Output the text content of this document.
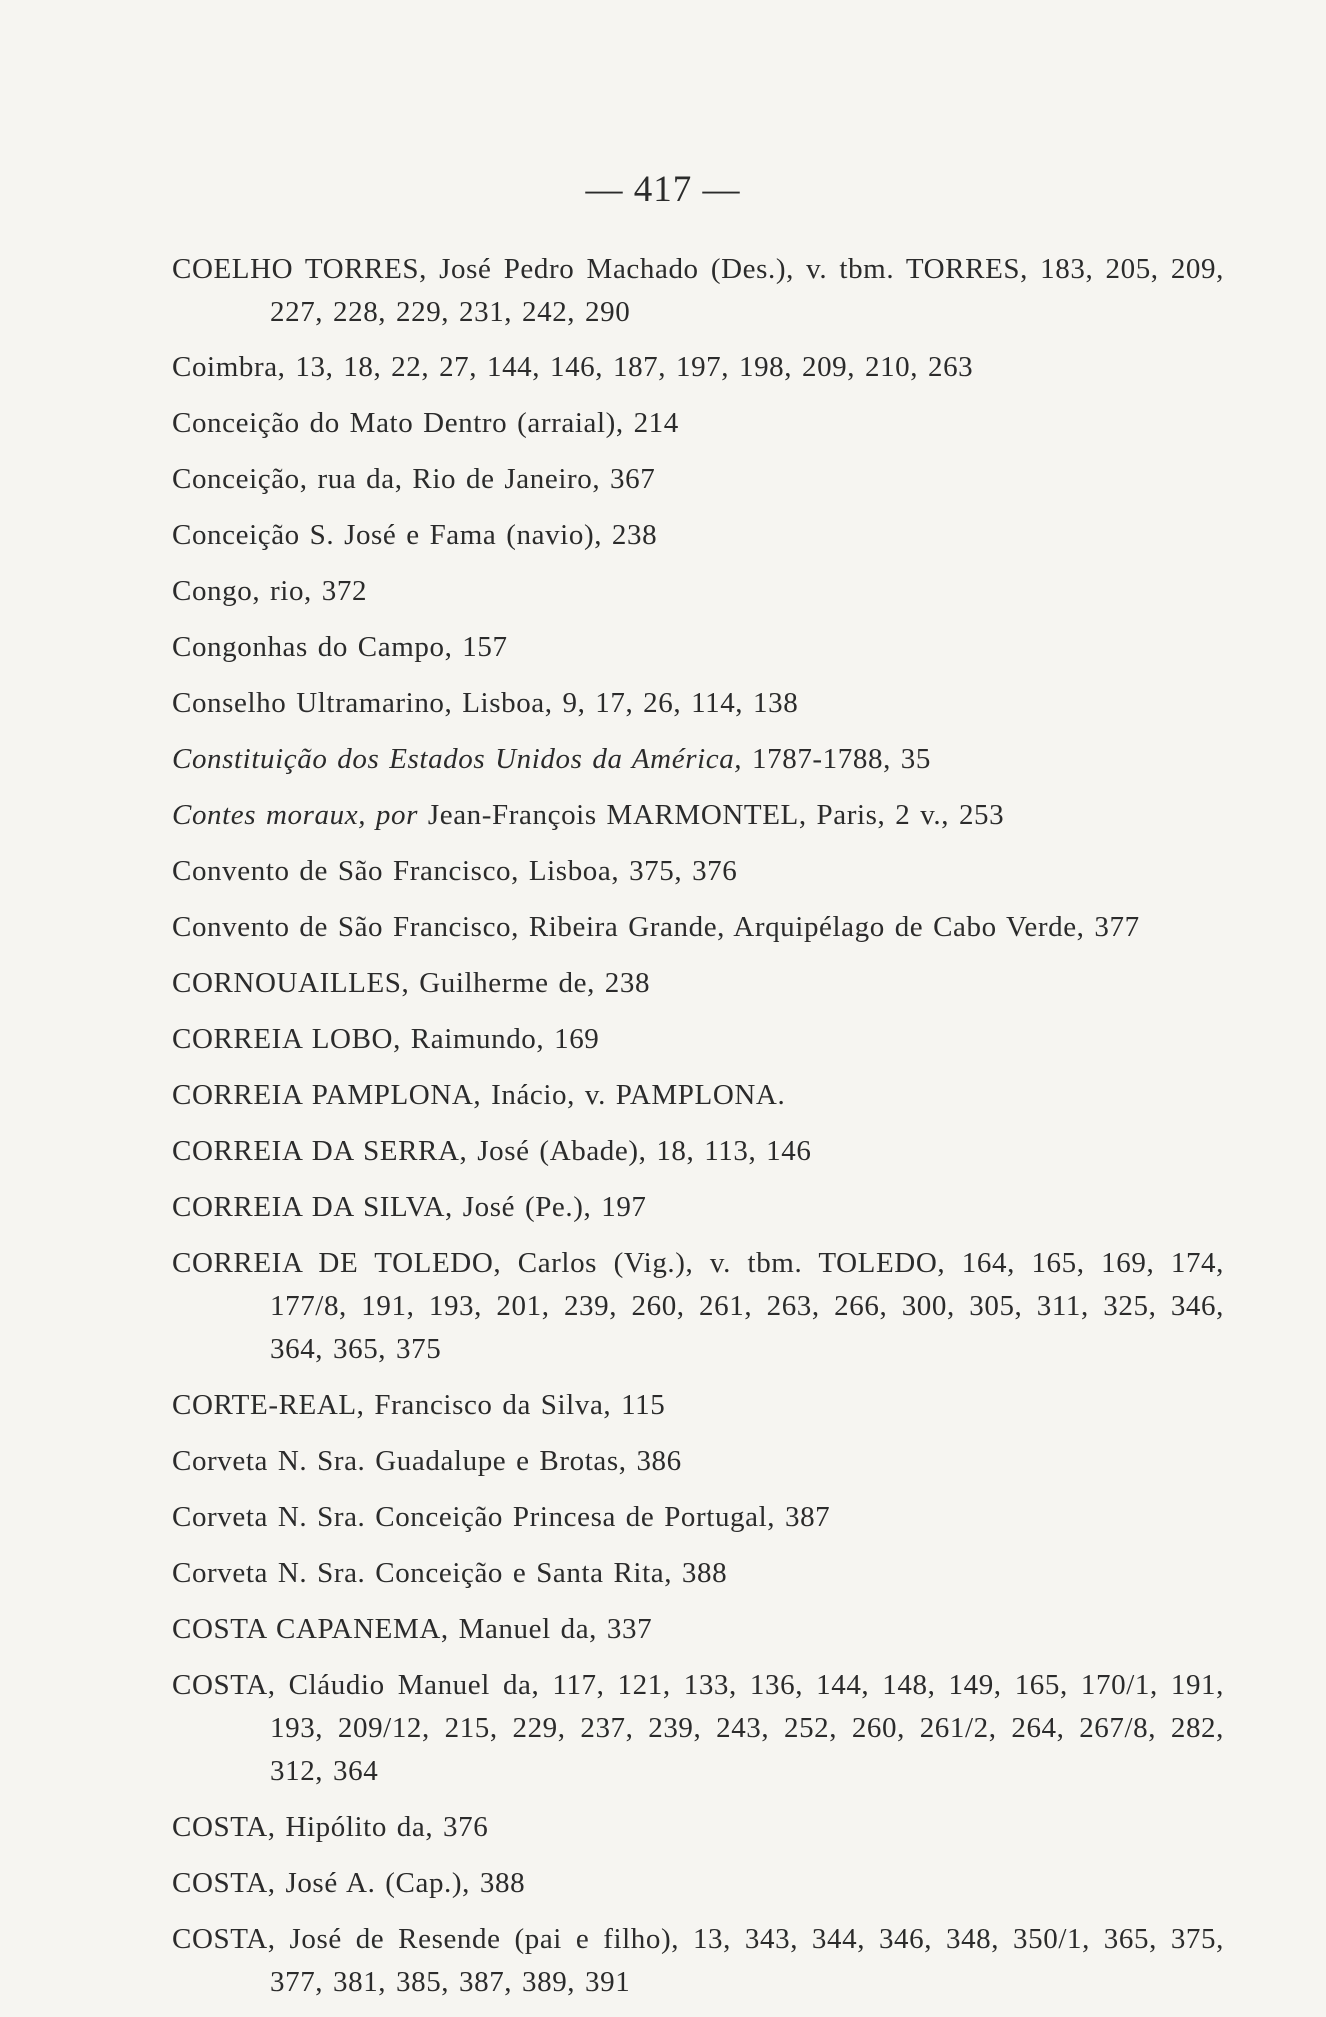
— 417 —
COELHO TORRES, José Pedro Machado (Des.), v. tbm. TORRES, 183, 205, 209, 227, 228, 229, 231, 242, 290
Coimbra, 13, 18, 22, 27, 144, 146, 187, 197, 198, 209, 210, 263
Conceição do Mato Dentro (arraial), 214
Conceição, rua da, Rio de Janeiro, 367
Conceição S. José e Fama (navio), 238
Congo, rio, 372
Congonhas do Campo, 157
Conselho Ultramarino, Lisboa, 9, 17, 26, 114, 138
Constituição dos Estados Unidos da América, 1787-1788, 35
Contes moraux, por Jean-François MARMONTEL, Paris, 2 v., 253
Convento de São Francisco, Lisboa, 375, 376
Convento de São Francisco, Ribeira Grande, Arquipélago de Cabo Verde, 377
CORNOUAILLES, Guilherme de, 238
CORREIA LOBO, Raimundo, 169
CORREIA PAMPLONA, Inácio, v. PAMPLONA.
CORREIA DA SERRA, José (Abade), 18, 113, 146
CORREIA DA SILVA, José (Pe.), 197
CORREIA DE TOLEDO, Carlos (Vig.), v. tbm. TOLEDO, 164, 165, 169, 174, 177/8, 191, 193, 201, 239, 260, 261, 263, 266, 300, 305, 311, 325, 346, 364, 365, 375
CORTE-REAL, Francisco da Silva, 115
Corveta N. Sra. Guadalupe e Brotas, 386
Corveta N. Sra. Conceição Princesa de Portugal, 387
Corveta N. Sra. Conceição e Santa Rita, 388
COSTA CAPANEMA, Manuel da, 337
COSTA, Cláudio Manuel da, 117, 121, 133, 136, 144, 148, 149, 165, 170/1, 191, 193, 209/12, 215, 229, 237, 239, 243, 252, 260, 261/2, 264, 267/8, 282, 312, 364
COSTA, Hipólito da, 376
COSTA, José A. (Cap.), 388
COSTA, José de Resende (pai e filho), 13, 343, 344, 346, 348, 350/1, 365, 375, 377, 381, 385, 387, 389, 391
